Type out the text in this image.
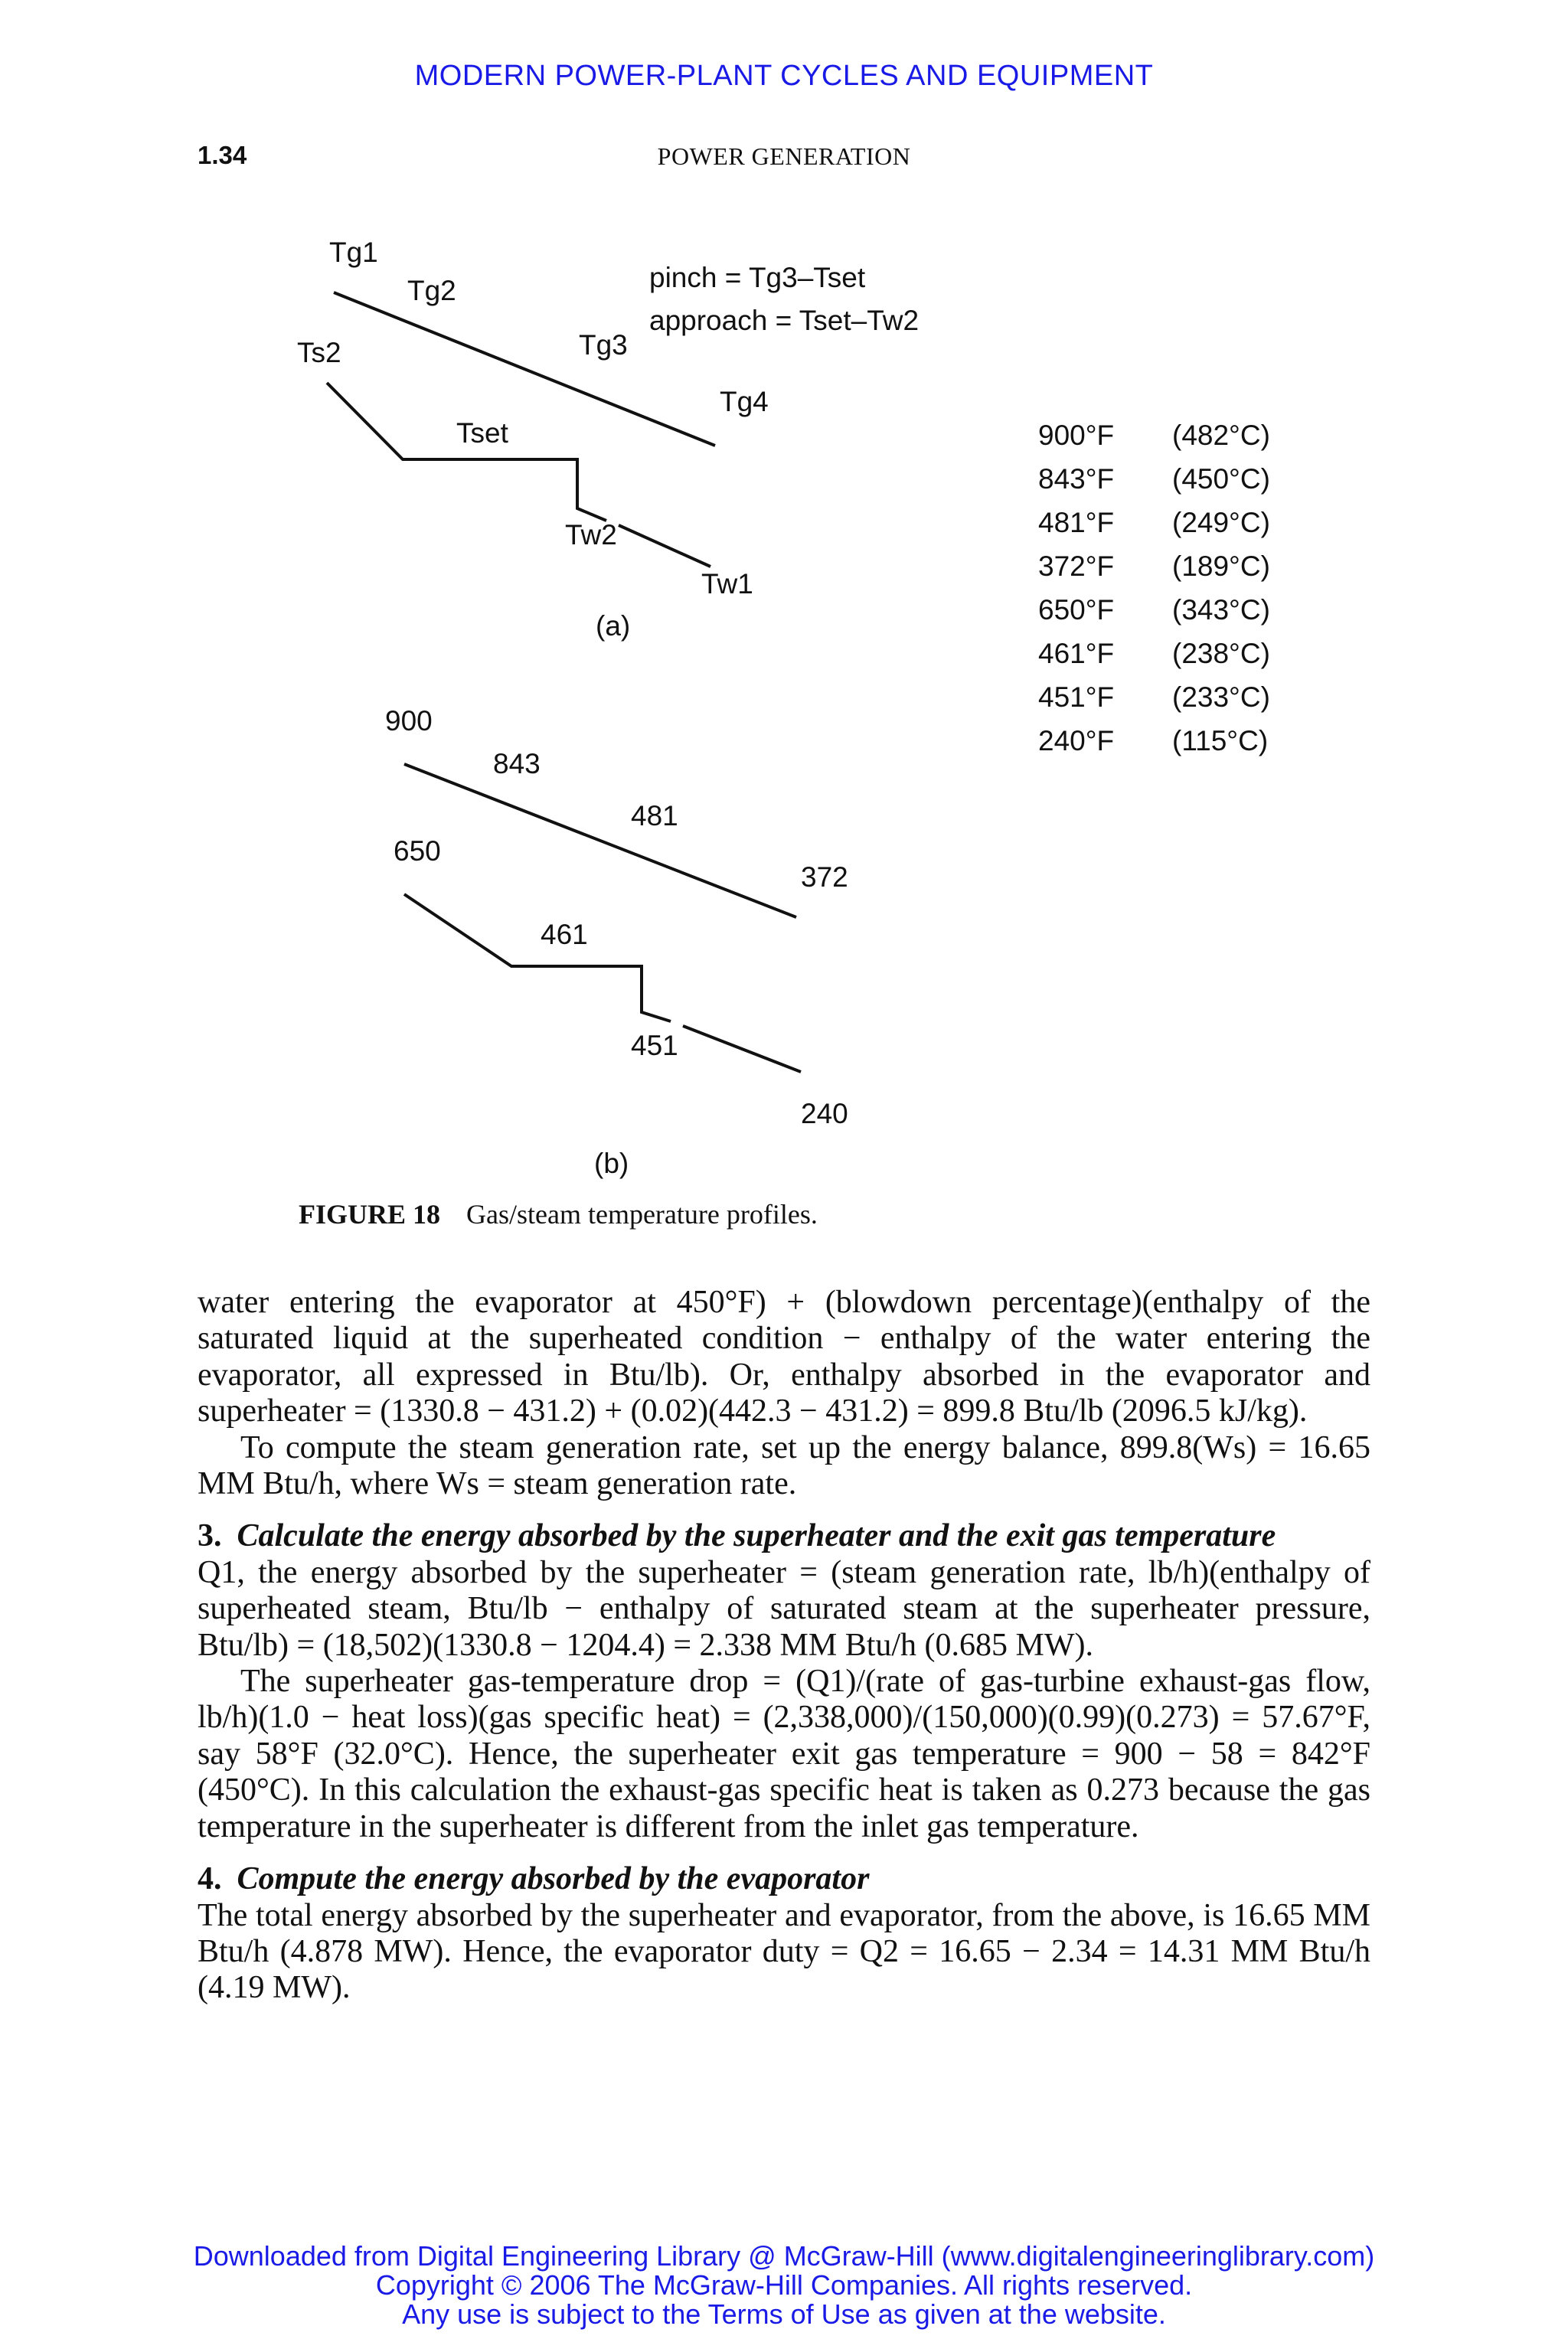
MODERN POWER-PLANT CYCLES AND EQUIPMENT
1.34	POWER GENERATION
Tg1
Tg2
Tg3
Tg4
Ts2
Tset
Tw2
Tw1
pinch = Tg3–Tset
approach = Tset–Tw2
(a)
900
843
481
372
650
461
451
240
(b)
900°F	(482°C)
843°F	(450°C)
481°F	(249°C)
372°F	(189°C)
650°F	(343°C)
461°F	(238°C)
451°F	(233°C)
240°F	(115°C)
FIGURE 18 Gas/steam temperature profiles.

water entering the evaporator at 450°F) + (blowdown percentage)(enthalpy of the saturated liquid at the superheated condition − enthalpy of the water entering the evaporator, all expressed in Btu/lb). Or, enthalpy absorbed in the evaporator and superheater = (1330.8 − 431.2) + (0.02)(442.3 − 431.2) = 899.8 Btu/lb (2096.5 kJ/kg).

To compute the steam generation rate, set up the energy balance, 899.8(Ws) = 16.65 MM Btu/h, where Ws = steam generation rate.

3. Calculate the energy absorbed by the superheater and the exit gas temperature

Q1, the energy absorbed by the superheater = (steam generation rate, lb/h)(enthalpy of superheated steam, Btu/lb − enthalpy of saturated steam at the superheater pressure, Btu/lb) = (18,502)(1330.8 − 1204.4) = 2.338 MM Btu/h (0.685 MW).

The superheater gas-temperature drop = (Q1)/(rate of gas-turbine exhaust-gas flow, lb/h)(1.0 − heat loss)(gas specific heat) = (2,338,000)/(150,000)(0.99)(0.273) = 57.67°F, say 58°F (32.0°C). Hence, the superheater exit gas temperature = 900 − 58 = 842°F (450°C). In this calculation the exhaust-gas specific heat is taken as 0.273 because the gas temperature in the superheater is different from the inlet gas temperature.

4. Compute the energy absorbed by the evaporator

The total energy absorbed by the superheater and evaporator, from the above, is 16.65 MM Btu/h (4.878 MW). Hence, the evaporator duty = Q2 = 16.65 − 2.34 = 14.31 MM Btu/h (4.19 MW).

Downloaded from Digital Engineering Library @ McGraw-Hill (www.digitalengineeringlibrary.com)
Copyright © 2006 The McGraw-Hill Companies. All rights reserved.
Any use is subject to the Terms of Use as given at the website.
